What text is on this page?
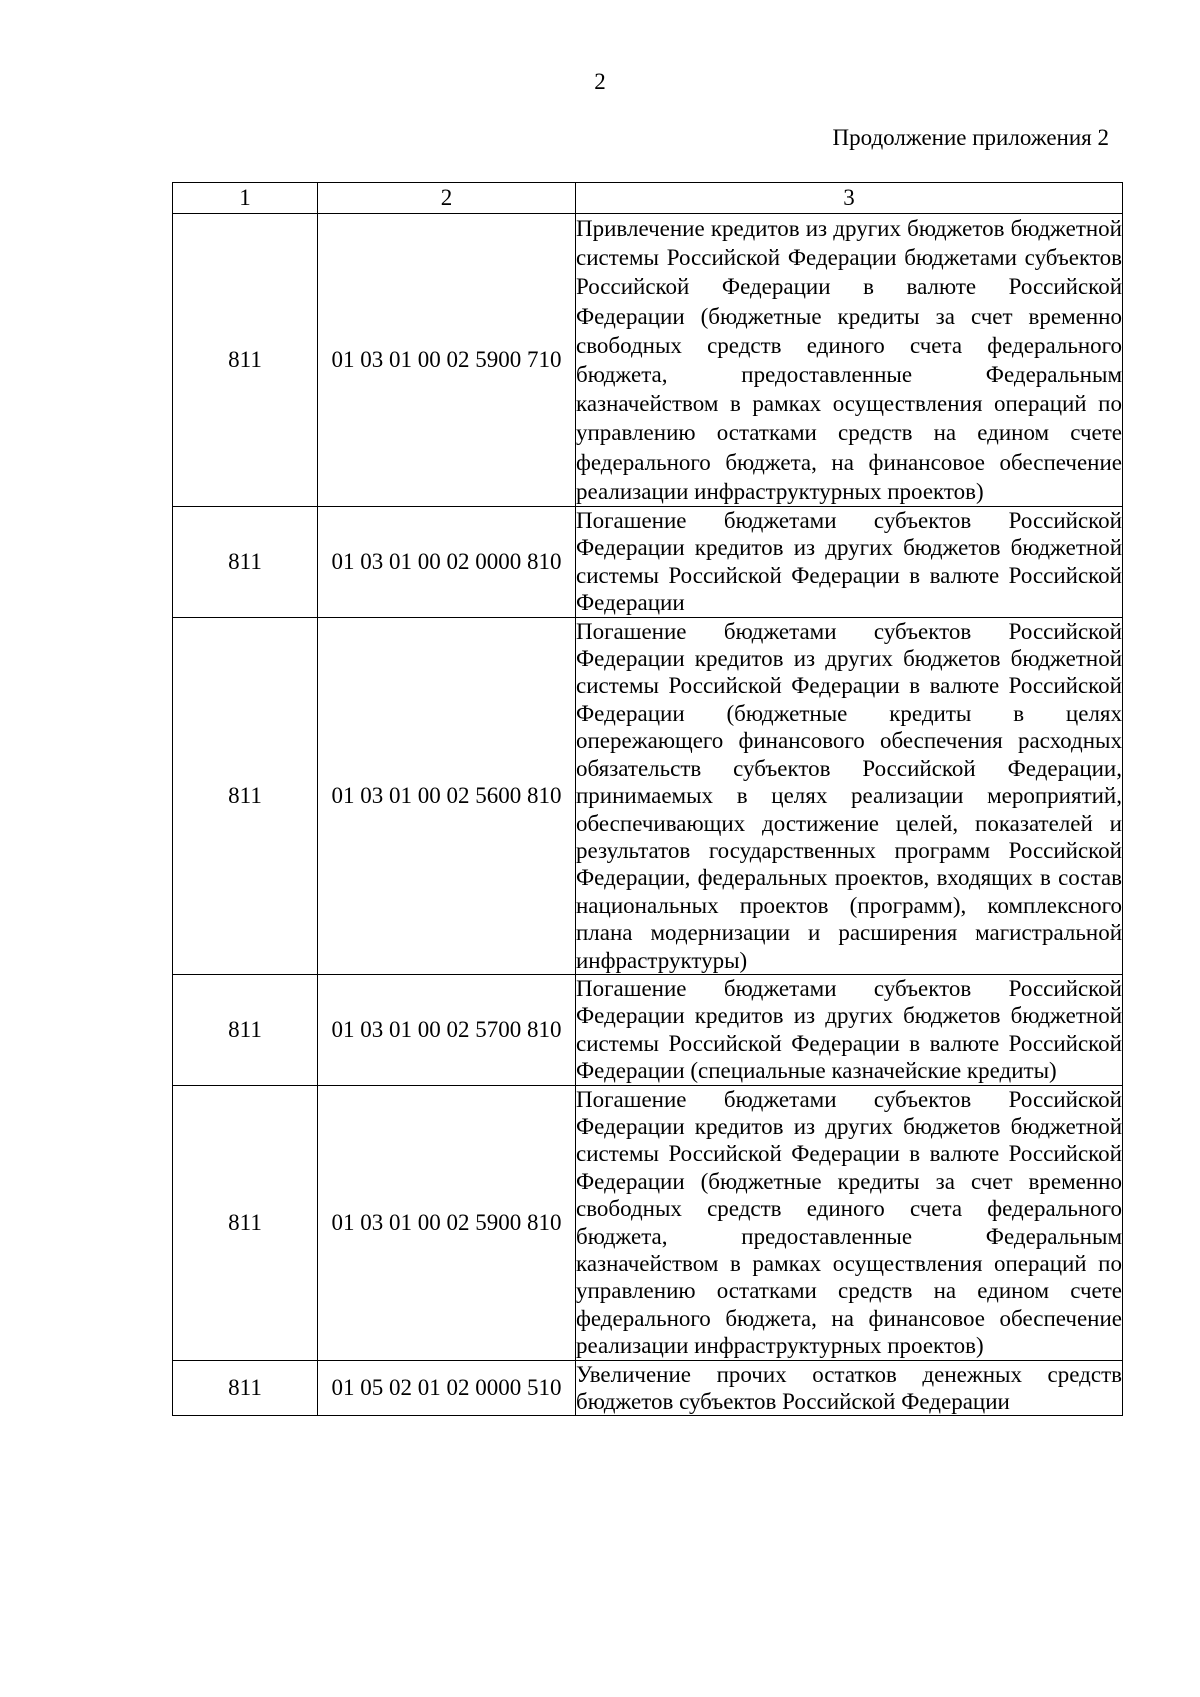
2
Продолжение приложения 2
1	2	3
811	01 03 01 00 02 5900 710	Привлечение кредитов из других бюджетов бюджетной системы Российской Федерации бюджетами субъектов Российской Федерации в валюте Российской Федерации (бюджетные кредиты за счет временно свободных средств единого счета федерального бюджета, предоставленные Федеральным казначейством в рамках осуществления операций по управлению остатками средств на едином счете федерального бюджета, на финансовое обеспечение реализации инфраструктурных проектов)
811	01 03 01 00 02 0000 810	Погашение бюджетами субъектов Российской Федерации кредитов из других бюджетов бюджетной системы Российской Федерации в валюте Российской Федерации
811	01 03 01 00 02 5600 810	Погашение бюджетами субъектов Российской Федерации кредитов из других бюджетов бюджетной системы Российской Федерации в валюте Российской Федерации (бюджетные кредиты в целях опережающего финансового обеспечения расходных обязательств субъектов Российской Федерации, принимаемых в целях реализации мероприятий, обеспечивающих достижение целей, показателей и результатов государственных программ Российской Федерации, федеральных проектов, входящих в состав национальных проектов (программ), комплексного плана модернизации и расширения магистральной инфраструктуры)
811	01 03 01 00 02 5700 810	Погашение бюджетами субъектов Российской Федерации кредитов из других бюджетов бюджетной системы Российской Федерации в валюте Российской Федерации (специальные казначейские кредиты)
811	01 03 01 00 02 5900 810	Погашение бюджетами субъектов Российской Федерации кредитов из других бюджетов бюджетной системы Российской Федерации в валюте Российской Федерации (бюджетные кредиты за счет временно свободных средств единого счета федерального бюджета, предоставленные Федеральным казначейством в рамках осуществления операций по управлению остатками средств на едином счете федерального бюджета, на финансовое обеспечение реализации инфраструктурных проектов)
811	01 05 02 01 02 0000 510	Увеличение прочих остатков денежных средств бюджетов субъектов Российской Федерации
